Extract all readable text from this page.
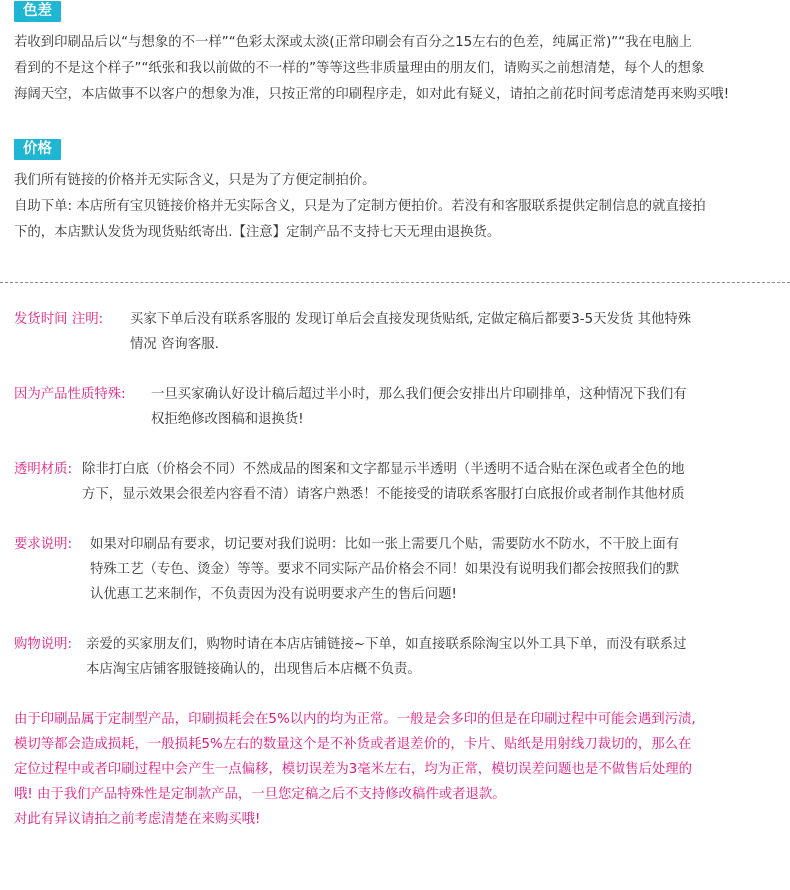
色差
若收到印刷品后以“与想象的不一样”“色彩太深或太淡(正常印刷会有百分之15左右的色差，纯属正常)”“我在电脑上
看到的不是这个样子”“纸张和我以前做的不一样的”等等这些非质量理由的朋友们，请购买之前想清楚，每个人的想象
海阔天空，本店做事不以客户的想象为准，只按正常的印刷程序走，如对此有疑义，请拍之前花时间考虑清楚再来购买哦!
价格
我们所有链接的价格并无实际含义，只是为了方便定制拍价。
自助下单: 本店所有宝贝链接价格并无实际含义，只是为了定制方便拍价。若没有和客服联系提供定制信息的就直接拍
下的，本店默认发货为现货贴纸寄出.【注意】定制产品不支持七天无理由退换货。
发货时间 注明: 买家下单后没有联系客服的 发现订单后会直接发现货贴纸, 定做定稿后都要3-5天发货 其他特殊
情况 咨询客服.
因为产品性质特殊: 一旦买家确认好设计稿后超过半小时，那么我们便会安排出片印刷排单，这种情况下我们有
权拒绝修改图稿和退换货!
透明材质: 除非打白底（价格会不同）不然成品的图案和文字都显示半透明（半透明不适合贴在深色或者全色的地
方下，显示效果会很差内容看不清）请客户熟悉！不能接受的请联系客服打白底报价或者制作其他材质
要求说明: 如果对印刷品有要求，切记要对我们说明：比如一张上需要几个贴，需要防水不防水，不干胶上面有
特殊工艺（专色、烫金）等等。要求不同实际产品价格会不同！如果没有说明我们都会按照我们的默
认优惠工艺来制作，不负责因为没有说明要求产生的售后问题!
购物说明: 亲爱的买家朋友们，购物时请在本店店铺链接~下单，如直接联系除淘宝以外工具下单，而没有联系过
本店淘宝店铺客服链接确认的，出现售后本店概不负责。
由于印刷品属于定制型产品，印刷损耗会在5%以内的均为正常。一般是会多印的但是在印刷过程中可能会遇到污渍,
模切等都会造成损耗，一般损耗5%左右的数量这个是不补货或者退差价的，卡片、贴纸是用射线刀裁切的，那么在
定位过程中或者印刷过程中会产生一点偏移，模切误差为3毫米左右，均为正常，模切误差问题也是不做售后处理的
哦! 由于我们产品特殊性是定制款产品，一旦您定稿之后不支持修改稿件或者退款。
对此有异议请拍之前考虑清楚在来购买哦!
